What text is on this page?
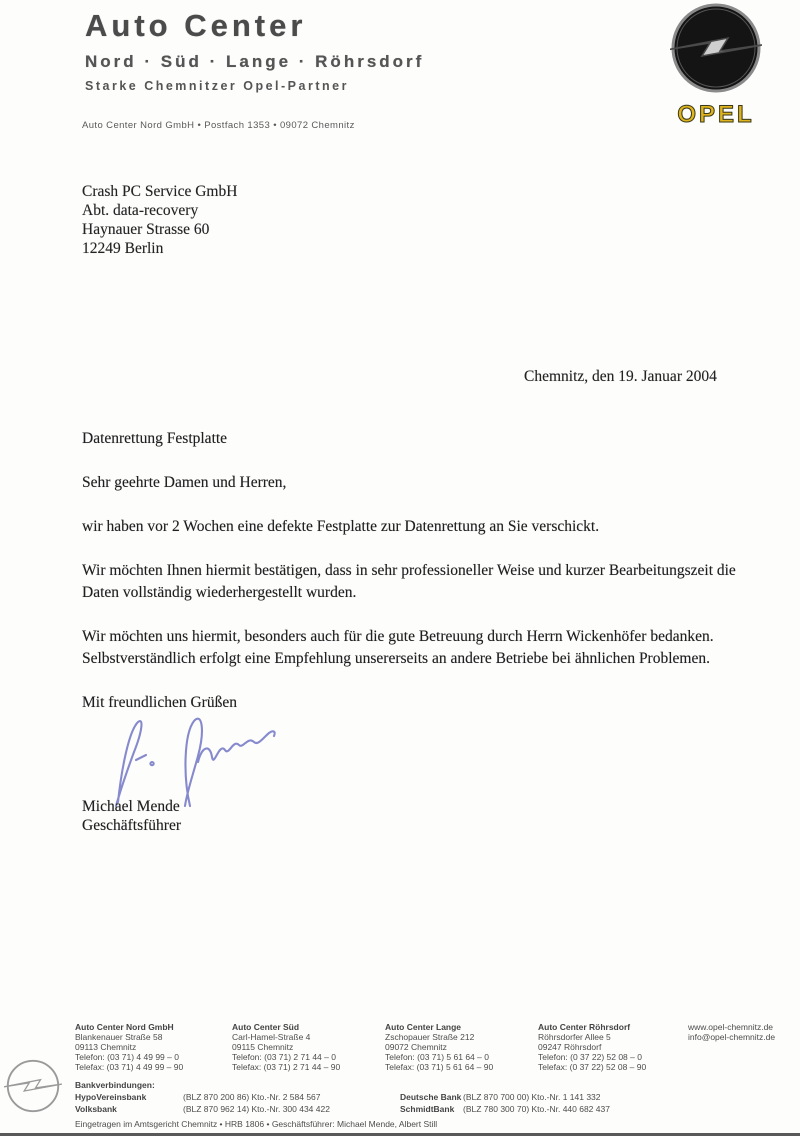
Auto Center
Nord · Süd · Lange · Röhrsdorf
Starke Chemnitzer Opel-Partner
Auto Center Nord GmbH • Postfach 1353 • 09072 Chemnitz	OPEL
Crash PC Service GmbH
Abt. data-recovery
Haynauer Strasse 60
12249 Berlin
Chemnitz, den 19. Januar 2004

Datenrettung Festplatte

Sehr geehrte Damen und Herren,

wir haben vor 2 Wochen eine defekte Festplatte zur Datenrettung an Sie verschickt.

Wir möchten Ihnen hiermit bestätigen, dass in sehr professioneller Weise und kurzer Bearbeitungszeit die Daten vollständig wiederhergestellt wurden.

Wir möchten uns hiermit, besonders auch für die gute Betreuung durch Herrn Wickenhöfer bedanken. Selbstverständlich erfolgt eine Empfehlung unsererseits an andere Betriebe bei ähnlichen Problemen.

Mit freundlichen Grüßen

Michael Mende
Geschäftsführer
Auto Center Nord GmbH
Blankenauer Straße 58
09113 Chemnitz
Telefon: (03 71) 4 49 99 – 0
Telefax: (03 71) 4 49 99 – 90
Auto Center Süd
Carl-Hamel-Straße 4
09115 Chemnitz
Telefon: (03 71) 2 71 44 – 0
Telefax: (03 71) 2 71 44 – 90
Auto Center Lange
Zschopauer Straße 212
09072 Chemnitz
Telefon: (03 71) 5 61 64 – 0
Telefax: (03 71) 5 61 64 – 90
Auto Center Röhrsdorf
Röhrsdorfer Allee 5
09247 Röhrsdorf
Telefon: (0 37 22) 52 08 – 0
Telefax: (0 37 22) 52 08 – 90
www.opel-chemnitz.de
info@opel-chemnitz.de
Bankverbindungen:
HypoVereinsbank	(BLZ 870 200 86) Kto.-Nr. 2 584 567	Deutsche Bank (BLZ 870 700 00) Kto.-Nr. 1 141 332
Volksbank	(BLZ 870 962 14) Kto.-Nr. 300 434 422	SchmidtBank (BLZ 780 300 70) Kto.-Nr. 440 682 437
Eingetragen im Amtsgericht Chemnitz • HRB 1806 • Geschäftsführer: Michael Mende, Albert Still
